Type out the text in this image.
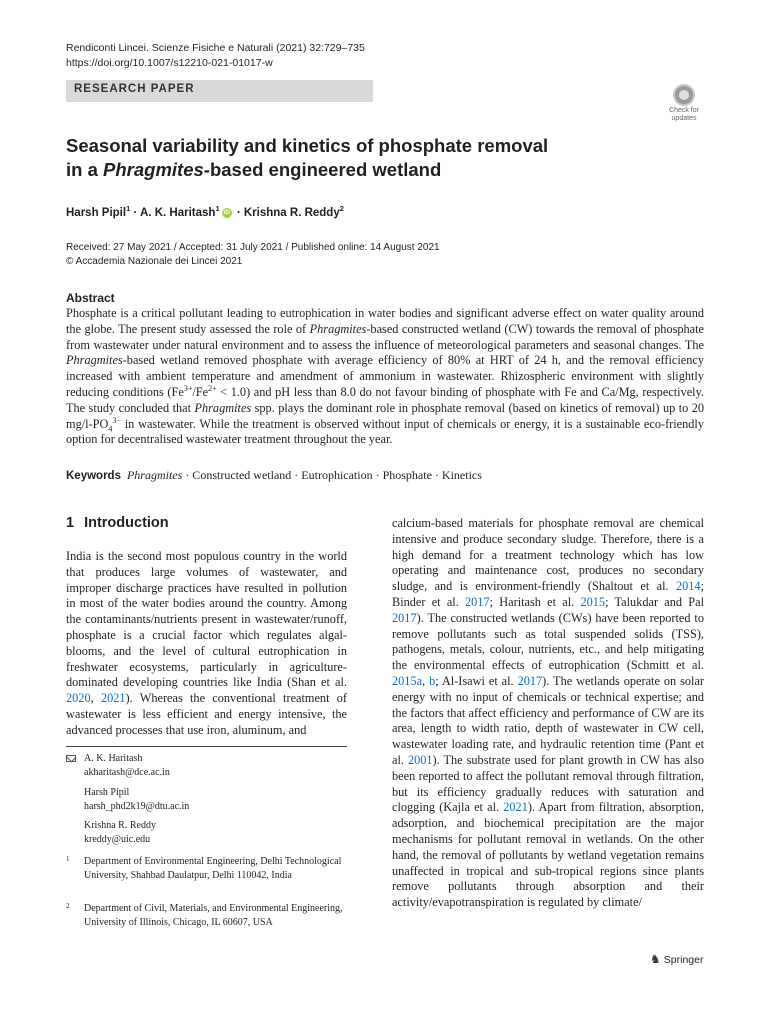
Rendiconti Lincei. Scienze Fisiche e Naturali (2021) 32:729–735
https://doi.org/10.1007/s12210-021-01017-w
RESEARCH PAPER
Check for
updates
Seasonal variability and kinetics of phosphate removal
in a Phragmites-based engineered wetland
Harsh Pipil$^1$ · A. K. Haritash$^1$ iD · Krishna R. Reddy$^2$
Received: 27 May 2021 / Accepted: 31 July 2021 / Published online: 14 August 2021
© Accademia Nazionale dei Lincei 2021
Abstract
Phosphate is a critical pollutant leading to eutrophication in water bodies and significant adverse effect on water quality around the globe. The present study assessed the role of Phragmites-based constructed wetland (CW) towards the removal of phosphate from wastewater under natural environment and to assess the influence of meteorological parameters and seasonal changes. The Phragmites-based wetland removed phosphate with average efficiency of 80% at HRT of 24 h, and the removal efficiency increased with ambient temperature and amendment of ammonium in wastewater. Rhizospheric environment with slightly reducing conditions $(Fe^{3+}/Fe^{2+} < 1.0)$ and pH less than 8.0 do not favour binding of phosphate with Fe and Ca/Mg, respectively. The study concluded that Phragmites spp. plays the dominant role in phosphate removal (based on kinetics of removal) up to 20 $mg/l-PO_4^{3-}$ in wastewater. While the treatment is observed without input of chemicals or energy, it is a sustainable eco-friendly option for decentralised wastewater treatment throughout the year.
Keywords Phragmites · Constructed wetland · Eutrophication · Phosphate · Kinetics
1 Introduction
India is the second most populous country in the world that produces large volumes of wastewater, and improper discharge practices have resulted in pollution in most of the water bodies around the country. Among the contaminants/nutrients present in wastewater/runoff, phosphate is a crucial factor which regulates algal-blooms, and the level of cultural eutrophication in freshwater ecosystems, particularly in agriculture-dominated developing countries like India (Shan et al. 2020, 2021). Whereas the conventional treatment of wastewater is less efficient and energy intensive, the advanced processes that use iron, aluminum, and
A. K. Haritash
akharitash@dce.ac.in
Harsh Pipil
harsh_phd2k19@dtu.ac.in
Krishna R. Reddy
kreddy@uic.edu
1 Department of Environmental Engineering, Delhi Technological University, Shahbad Daulatpur, Delhi 110042, India
2 Department of Civil, Materials, and Environmental Engineering, University of Illinois, Chicago, IL 60607, USA
calcium-based materials for phosphate removal are chemical intensive and produce secondary sludge. Therefore, there is a high demand for a treatment technology which has low operating and maintenance cost, produces no secondary sludge, and is environment-friendly (Shaltout et al. 2014; Binder et al. 2017; Haritash et al. 2015; Talukdar and Pal 2017). The constructed wetlands (CWs) have been reported to remove pollutants such as total suspended solids (TSS), pathogens, metals, colour, nutrients, etc., and help mitigating the environmental effects of eutrophication (Schmitt et al. 2015a, b; Al-Isawi et al. 2017). The wetlands operate on solar energy with no input of chemicals or technical expertise; and the factors that affect efficiency and performance of CW are its area, length to width ratio, depth of wastewater in CW cell, wastewater loading rate, and hydraulic retention time (Pant et al. 2001). The substrate used for plant growth in CW has also been reported to affect the pollutant removal through filtration, but its efficiency gradually reduces with saturation and clogging (Kajla et al. 2021). Apart from filtration, absorption, adsorption, and biochemical precipitation are the major mechanisms for pollutant removal in wetlands. On the other hand, the removal of pollutants by wetland vegetation remains unaffected in tropical and sub-tropical regions since plants remove pollutants through absorption and their activity/evapotranspiration is regulated by climate/
♞ Springer
